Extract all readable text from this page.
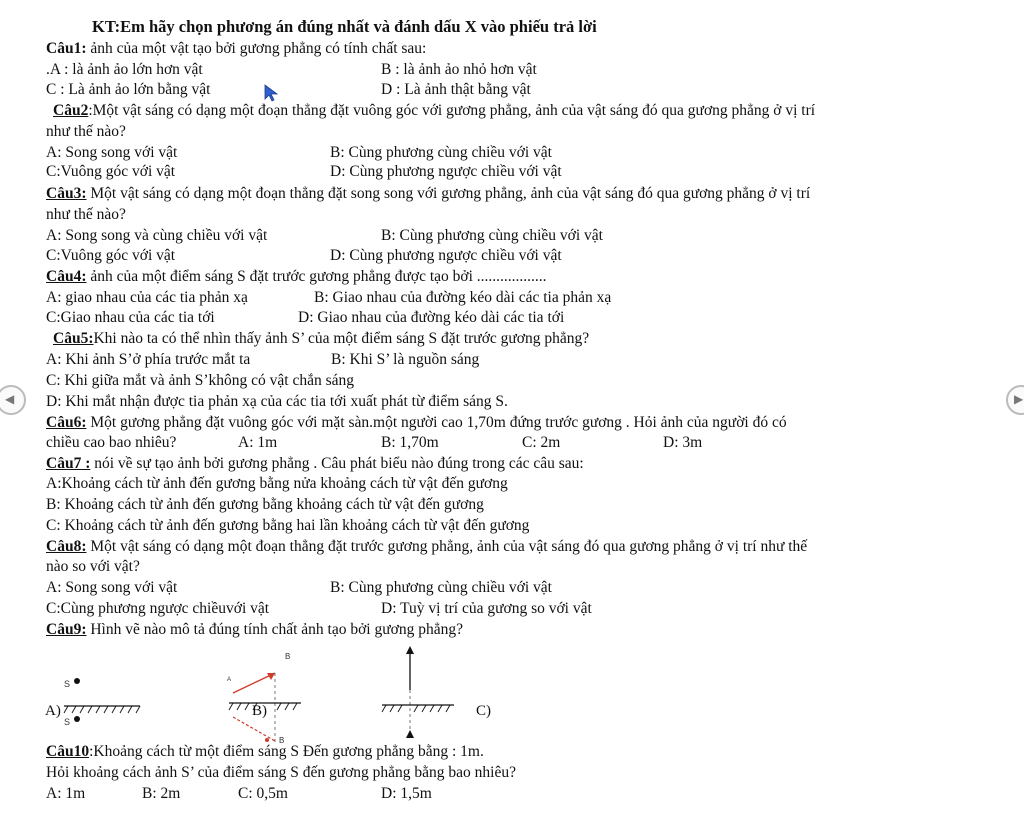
KT:Em hãy chọn phương án đúng nhất và đánh dấu X vào phiếu trả lời
Câu1: ảnh của một vật tạo bởi gương phẳng có tính chất sau:
.A : là ảnh ảo lớn hơn vật	B : là ảnh ảo nhỏ hơn vật
C : Là ảnh ảo lớn bằng vật	D : Là ảnh thật bằng vật
Câu2:Một vật sáng có dạng một đoạn thẳng đặt vuông góc với gương phẳng, ảnh của vật sáng đó qua gương phẳng ở vị trí
như thế nào?
A: Song song với vật	B: Cùng phương cùng chiều với vật
C:Vuông góc với vật	D: Cùng phương ngược chiều với vật
Câu3: Một vật sáng có dạng một đoạn thẳng đặt song song với gương phẳng, ảnh của vật sáng đó qua gương phẳng ở vị trí
như thế nào?
A: Song song và cùng chiều với vật	B: Cùng phương cùng chiều với vật
C:Vuông góc với vật	D: Cùng phương ngược chiều với vật
Câu4: ảnh của một điểm sáng S đặt trước gương phẳng được tạo bởi ..................
A: giao nhau của các tia phản xạ	B: Giao nhau của đường kéo dài các tia phản xạ
C:Giao nhau của các tia tới	D: Giao nhau của đường kéo dài các tia tới
Câu5:Khi nào ta có thể nhìn thấy ảnh S’ của một điểm sáng S đặt trước gương phẳng?
A: Khi ảnh S’ở phía trước mắt ta	B: Khi S’ là nguồn sáng
C: Khi giữa mắt và ảnh S’không có vật chắn sáng
D: Khi mắt nhận được tia phản xạ của các tia tới xuất phát từ điểm sáng S.
◀	▶
Câu6: Một gương phẳng đặt vuông góc với mặt sàn.một người cao 1,70m đứng trước gương . Hỏi ảnh của người đó có
chiều cao bao nhiêu?	A: 1m	B: 1,70m	C: 2m	D: 3m
Câu7 : nói về sự tạo ảnh bởi gương phẳng . Câu phát biểu nào đúng trong các câu sau:
A:Khoảng cách từ ảnh đến gương bằng nửa khoảng cách từ vật đến gương
B: Khoảng cách từ ảnh đến gương bằng khoảng cách từ vật đến gương
C: Khoảng cách từ ảnh đến gương bằng hai lần khoảng cách từ vật đến gương
Câu8: Một vật sáng có dạng một đoạn thẳng đặt trước gương phẳng, ảnh của vật sáng đó qua gương phẳng ở vị trí như thế
nào so với vật?
A: Song song với vật	B: Cùng phương cùng chiều với vật
C:Cùng phương ngược chiềuvới vật	D: Tuỳ vị trí của gương so với vật
Câu9: Hình vẽ nào mô tả đúng tính chất ảnh tạo bởi gương phẳng?
S
S
A)
B
A
B
B)	C)
Câu10:Khoảng cách từ một điểm sáng S Đến gương phẳng bằng : 1m.
Hỏi khoảng cách ảnh S’ của điểm sáng S đến gương phẳng bằng bao nhiêu?
A: 1m	B: 2m	C: 0,5m	D: 1,5m
